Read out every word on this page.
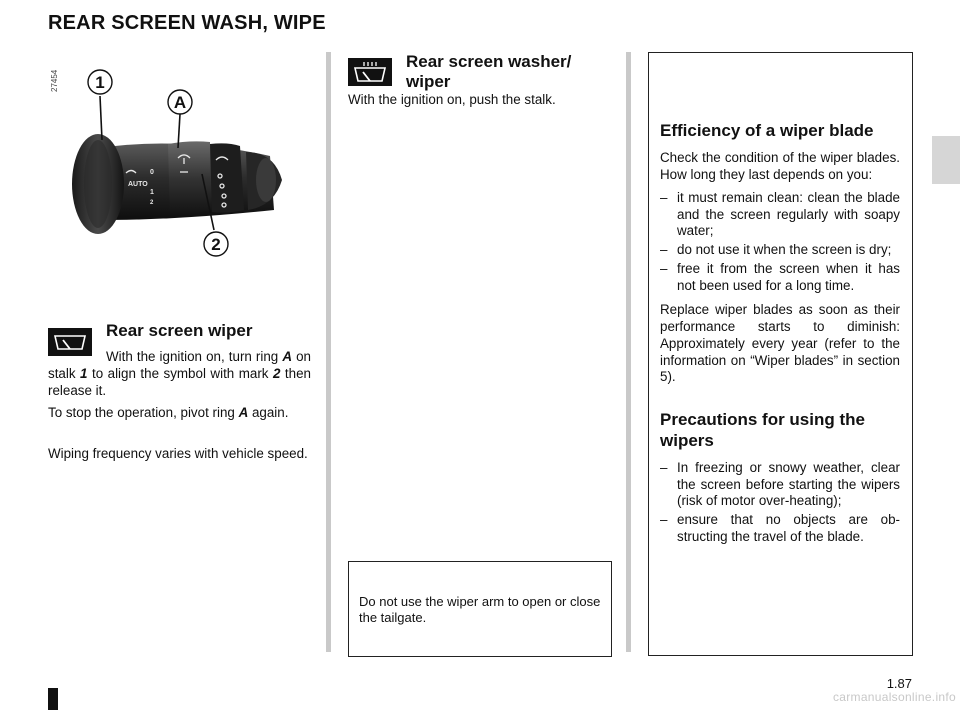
REAR SCREEN WASH, WIPE
27454
AUTO
0
1
2
1
A
2
Rear screen wiper
With the ignition on, turn ring A on stalk 1 to align the symbol with mark 2 then release it.
To stop the operation, pivot ring A again.
Wiping frequency varies with vehicle speed.
Rear screen washer/ wiper
With the ignition on, push the stalk.
Do not use the wiper arm to open or close the tailgate.
Efficiency of a wiper blade
Check the condition of the wiper blades. How long they last depends on you:
– it must remain clean: clean the blade and the screen regularly with soapy water;
– do not use it when the screen is dry;
– free it from the screen when it has not been used for a long time.
Replace wiper blades as soon as their performance starts to diminish: Approximately every year (refer to the information on “Wiper blades” in section 5).
Precautions for using the wipers
– In freezing or snowy weather, clear the screen before starting the wipers (risk of motor over-heating);
– ensure that no objects are ob-structing the travel of the blade.
1.87
carmanualsonline.info
